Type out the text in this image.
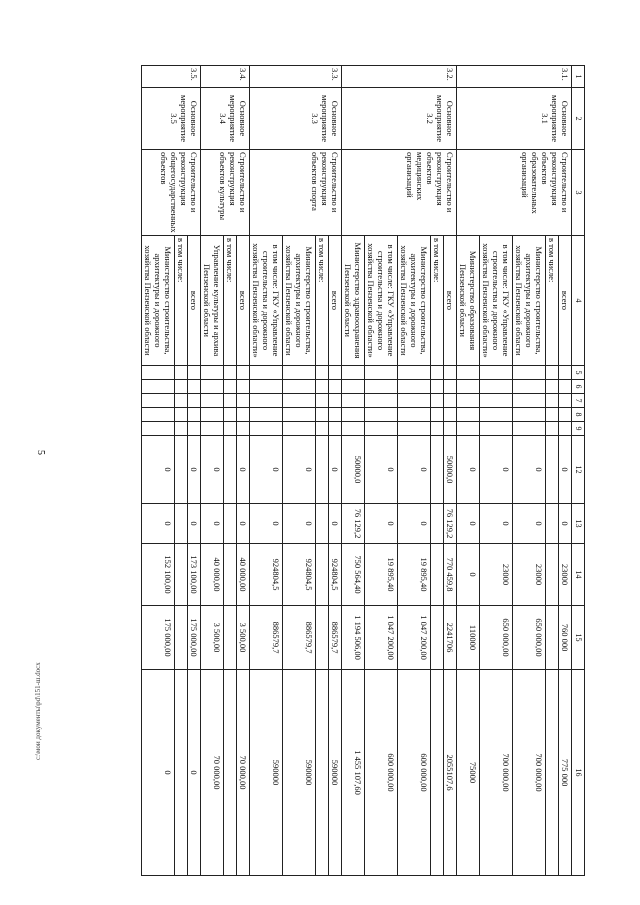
5
1	2	3	4	5	6	7	8	9	12	13	14	15	16
3.1.	Основное мероприятие 3.1	Строительство и реконструкция объектов образовательных организаций	всего						0	0	23000	760 000	775 000
			в том числе:										
			Министерство строительства, архитектуры и дорожного хозяйства Пензенской области						0	0	23000	650 000,00	700 000,00
			в том числе: ГКУ «Управление строительства и дорожного хозяйства Пензенской области»						0	0	23000	650 000,00	700 000,00
			Министерство образования Пензенской области						0	0	0	110000	75000
3.2.	Основное мероприятие 3.2	Строительство и реконструкция объектов медицинских организаций	всего						50000,0	76 129,2	770 459,8	2241706	2055107,6
			в том числе:										
			Министерство строительства, архитектуры и дорожного хозяйства Пензенской области						0	0	19 895,40	1 047 200,00	600 000,00
			в том числе: ГКУ «Управление строительства и дорожного хозяйства Пензенской области»						0	0	19 895,40	1 047 200,00	600 000,00
			Министерство здравоохранения Пензенской области						50000,0	76 129,2	750 564,40	1 194 506,00	1 455 107,60
3.3.	Основное мероприятие 3.3	Строительство и реконструкция объектов спорта	всего						0	0	924804,5	886579,7	590000
			в том числе:										
			Министерство строительства, архитектуры и дорожного хозяйства Пензенской области						0	0	924804,5	886579,7	590000
			в том числе: ГКУ «Управление строительства и дорожного хозяйства Пензенской области»						0	0	924804,5	886579,7	590000
3.4.	Основное мероприятие 3.4	Строительство и реконструкция объектов культуры	всего						0	0	40 000,00	3 500,00	70 000,00
			в том числе:										
			Управление культуры и архива Пензенской области						0	0	40 000,00	3 500,00	70 000,00
3.5.	Основное мероприятие 3.5	Строительство и реконструкция общегосударственных объектов	всего						0	0	173 100,00	175 000,00	0
			в том числе:										
			Министерство строительства, архитектуры и дорожного хозяйства Пензенской области						0	0	152 100,00	175 000,00	0
c:\мои документы\pd\151-ш.docx
